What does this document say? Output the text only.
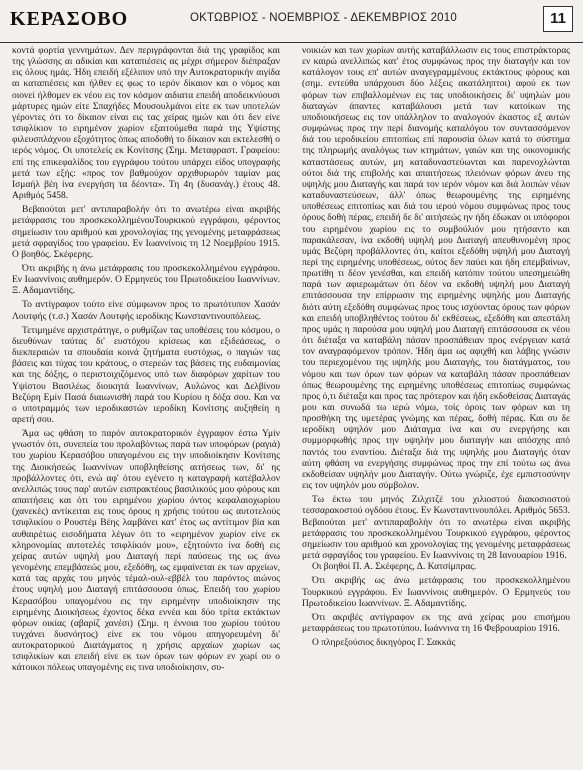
ΚΕΡΑΣΟΒΟ	ΟΚΤΩΒΡΙΟΣ - ΝΟΕΜΒΡΙΟΣ - ΔΕΚΕΜΒΡΙΟΣ 2010	11

κοντά φορτία γεννημάτων. Δεν περιγράφονται διά της γραφίδος και της γλώσσης αι αδικίαι και καταπιέσεις ας μέχρι σήμερον διέπραξαν εις όλους ημάς. Ήδη επειδή εξέλιπον υπό την Αυτοκρατορικήν αιγίδα αι καταπιέσεις και ήλθεν ες φως το ιερόν δίκαιον και ο νόμος και οιονεί ήλθομεν εκ νέου εις τον κόσμον αιδιατα επειδή αποδεικνύουσι μάρτυρες ημών είτε Σπαχήδες Μουσουλμάνοι είτε εκ των υποτελών γέροντες ότι το δίκαιον είναι εις τας χείρας ημών και ότι δεν είνε τσιφλίκιον το ειρημένον χωρίον εξαιτούμεθα παρά της Υψίστης φιλευσπλάχνου εξοχότητος όπως αποδοθή το δίκαιον και εκτελεσθή ο ιερός νόμος. Οι υποτελείς εκ Κονίτσης (Σημ. Μεταφραστ. Γραφείου: επί της επικεφαλίδος του εγγράφου τούτου υπάρχει είδος υπογραφής μετά των εξής: «προς τον βαθμούχον αρχιθυρωρόν ταμίαν μας Ισμαήλ βέη ίνα ενεργήση τα δέοντα». Τη 4η (δυσανάγ.) έτους 48. Αριθμός 5458.

Βεβαιούται μετ' αντιπαραβολήν ότι το ανωτέρω είναι ακριβής μετάφρασις του προσκεκολλημένουΤουρκικού εγγράφου, φέροντος σημείωσιν του αριθμού και χρονολογίας της γενομένης μεταφράσεως μετά σφραγίδος του γραφείου. Εν Ιωαννίνοις τη 12 Νοεμβρίου 1915. Ο βοηθός. Σκέφερης.

Ότι ακριβής η άνω μετάφρασις του προσκεκολλημένου εγγράφου. Εν Ιωαννίνοις αυθημερόν. Ο Ερμηνεύς του Πρωτοδικείου Ιωαννίνων. Ξ. Αδαμαντίδης.

Το αντίγραφον τούτο είνε σύμφωνον προς το πρωτότυπον Χασάν Λουτφής (τ.σ.) Χασάν Λουτφής ιεροδίκης Κωνσταντινουπόλεως.

Τετιμημένε αρχιστράτηγε, ο ρυθμίζων τας υποθέσεις του κόσμου, ο διευθύνων ταύτας δι' ευστόχου κρίσεως και εξιδεάσεως, ο διεκπεραιών τα σπουδαία κοινά ζητήματα ευστόχως, ο παγιών τας βάσεις και τύχας του κράτους, ο στερεών τας βάσεις της ευδαιμονίας και της δόξης, ο περιστοιχιζόμενος υπό των διαφόρων χαρίτων του Υψίστου Βασιλέως διοικητά Ιωαννίνων, Αυλώνος και Δελβίνου Βεζύρη Εμίν Πασά διαιωνισθή παρά του Κυρίου η δόξα σου. Και να ο υποτραμμός των ιεροδικαστών ιεροδίκη Κονίτσης αυξηθείη η αρετή σου.

Άμα ως φθάση το παρόν αυτοκρατορικόν έγγραφον έστω Υμίν γνωστόν ότι, συνεπεία του προλαβόντως παρά των υποφόρων (ραγιά) του χωρίου Κερασόβου υπαγομένου εις την υποδιοίκησιν Κονίτσης της Διοικήσεώς Ιωαννίνων υποβληθείσης αιτήσεως των, δι' ης προβάλλοντες ότι, ενώ αφ' ότου εγένετο η καταγραφή κατέβαλλον ανελλιπώς τους παρ' αυτών εισπρακτέους βασιλικούς μου φόρους και απαιτήσεις και ότι του ειρημένου χωρίου όντος κεφαλαιοχωρίου (χανεκές) αντίκειται εις τους όρους η χρήσις τούτου ως αυτοτελούς τσιφλικίου ο Ρουστέμ Βέης λαμβάνει κατ' έτος ως αντίτιμον βία και αυθαιρέτως εισοδήματα λέγων ότι το «ειρημένον χωρίον είνε εκ κληρονομίας αυτοτελές τσιφλίκιόν μου», εξητούντο ίνα δοθή εις χείρας αυτών υψηλή μου Διαταγή περί παύσεως της ως άνω γενομένης επεμβάσεώς μου, εξεδόθη, ως εμφαίνεται εκ των αρχείων, κατά τας αρχάς του μηνός τέμαλ-ουλ-εββέλ του παρόντος αιώνος έτους υψηλή μου Διαταγή επιτάσσουσα όπως. Επειδή του χωρίου Κερασόβου υπαγομένου εις την ειρημένην υποδιοίκησιν της ειρημένης Διοικήσεως έχοντος δέκα εννέα και δύο τρίτα εκτάκτων φόρων οικίας (αβαρίζ χανέσι) (Σημ. η έννοια του χωρίου τούτου τυγχάνει δυσνόητος) είνε εκ του νόμου απηγορευμένη δι' αυτοκρατορικού Διατάγματος η χρήσις αρχαίων χωρίων ως τσιφλικίων και επειδή είνε εκ των όρων των φόρων εν χωρί ου ο κάτοικοι πόλεως υπαγομένης εις τινα υποδιοίκησιν, συ-

νοικιών και των χωρίων αυτής καταβάλλωσιν εις τους επιστράκτορας εν καιρώ ανελλιπώς κατ' έτος συμφώνως προς την διαταγήν και τον κατάλογον τους επ' αυτών αναγεγραμμένους εκτάκτους φόρους και (σημ. εντεύθα υπάρχουσι δύο λέξεις ακατάληπτοι) αφού εκ των φόρων των επιβαλλομένων εις τας υποδιοικήσεις δι' υψηλών μου διαταγών άπαντες καταβάλουσι μετά των κατοίκων της υποδιοικήσεως εις τον υπάλληλον το αναλογούν έκαστος εξ αυτών συμφώνως προς την περί διανομής καταλόγου τον συντασσόμενον διά του ιεροδικείου επιτοπίως επί παρουσία όλων κατά το σύστημα της πληρωμής αναλόγως των κτημάτων, γαιών και της οικονομικής καταστάσεως αυτών, μη καταδυναστεύωνται και παρενοχλώνται ούτοι διά της επιβολής και απαιτήσεως πλειόνων φόρων άνευ της υψηλής μου Διαταγής και παρά τον ιερόν νόμον και διά λοιπών νέων καταδυναστεύσεων, άλλ' όπως θεωρουμένης της ειρημένης υποθέσεως επιτοπίως και διά του ιερού νόμου συμφώνως προς τους όρους δοθή πέρας, επειδή δε δι' αιτήσεώς ην ήδη έδωκαν οι υπόφοροι του ειρημένου χωρίου εις το συμβούλιόν μου ητήσαντο και παρακάλεσαν, ίνα εκδοθή υψηλή μου Διαταγή απευθυνομένη προς υμάς Βεζύρη προβάλλοντες ότι, καίτοι εξεδόθη υψηλή μου Διαταγή περί της ειρημένης υποθέσεως, ούτος δεν παύει και ήδη επεμβαίνων, πρωτίθη τι δέον γενέσθαι, και επειδή κατόπιν τούτου υπεσημειώθη παρά των αφιερωμάτων ότι δέον να εκδοθή υψηλή μου Διαταγή επιτάσσουσα την επίρρωσιν της ειρημένης υψηλής μου Διαταγής διότι αύτη εξεδόθη συμφώνως προς τους ισχύοντας όρους των φόρων και επειδή υποβληθέντος τούτου δι' εκθέσεως, εξεδόθη και απεστάλη προς υμάς η παρούσα μου υψηλή μου Διαταγή επιτάσσουσα εκ νέου ότι διέταξα να καταβάλη πάσαν προσπάθειαν προς ενέργειαν κατά τον αναγραφόμενον τρόπον. Ήδη άμα ως αφιχθή και λάβης γνώσιν του περιεχομένου της υψηλής μου Διαταγής, του διατάγματος, του νόμου και των όρων των φόρων να καταβάλη πάσαν προσπάθειαν όπως θεωρουμένης της ειρημένης υποθέσεως επιτοπίως συμφώνως προς ό,τι διέταξα και προς τας πρότερον και ήδη εκδοθείσας Διαταγάς μου και συνωδά τω ιερώ νόμω, τοίς όροις των φόρων και τη προσθήκη της υμετέρας γνώμης και πέρας, δοθή πέρας. Και συ δε ιεροδίκη υψηλόν μου Διάταγμα ίνα και συ ενεργήσης και συμμορφωθής προς την υψηλήν μου διαταγήν και απόσχης από παντός του εναντίου. Διέταξα διά της υψηλής μου Διαταγής όταν αύτη φθάση να ενεργήσης συμφώνως προς την επί τούτω ως άνω εκδοθείσαν υψηλήν μου Διαταγήν. Ούτω γνώριζε, έχε εμπιστοσύνην εις τον υψηλόν μου σύμβολον.

Τω έκτω του μηνός Ζιλχιτζέ του χιλιοστού διακοσιοστού τεσσαρακοστού ογδόου έτους. Εν Κωνσταντινουπόλει. Αριθμός 5653. Βεβαιούται μετ' αντιπαραβολήν ότι το ανωτέρω είναι ακριβής μετάφρασις του προσκεκολλημένου Τουρκικού εγγράφου, φέροντος σημείωσιν του αριθμού και χρονολογίας της γενομένης μεταφράσεως μετά σφραγίδος του γραφείου. Εν Ιωαννίνοις τη 28 Ιανουαρίου 1916.

Οι βοηθοί Π. Α. Σκέφερης, Δ. Κατσίμπρας.

Ότι ακριβής ως άνω μετάφρασις του προσκεκολλημένου Τουρκικού εγγράφου. Εν Ιωαννίνοις αυθημερόν. Ο Ερμηνεύς του Πρωτοδικείου Ιωαννίνων. Ξ. Αδαμαντίδης.

Ότι ακριβές αντίγραφον εκ της ανά χείρας μου επισήμου μεταφράσεως του πρωτοτύπου. Ιωάννινα τη 16 Φεβρουαρίου 1916.

Ο πληρεξούσιος δικηγόρος Γ. Σακκάς
